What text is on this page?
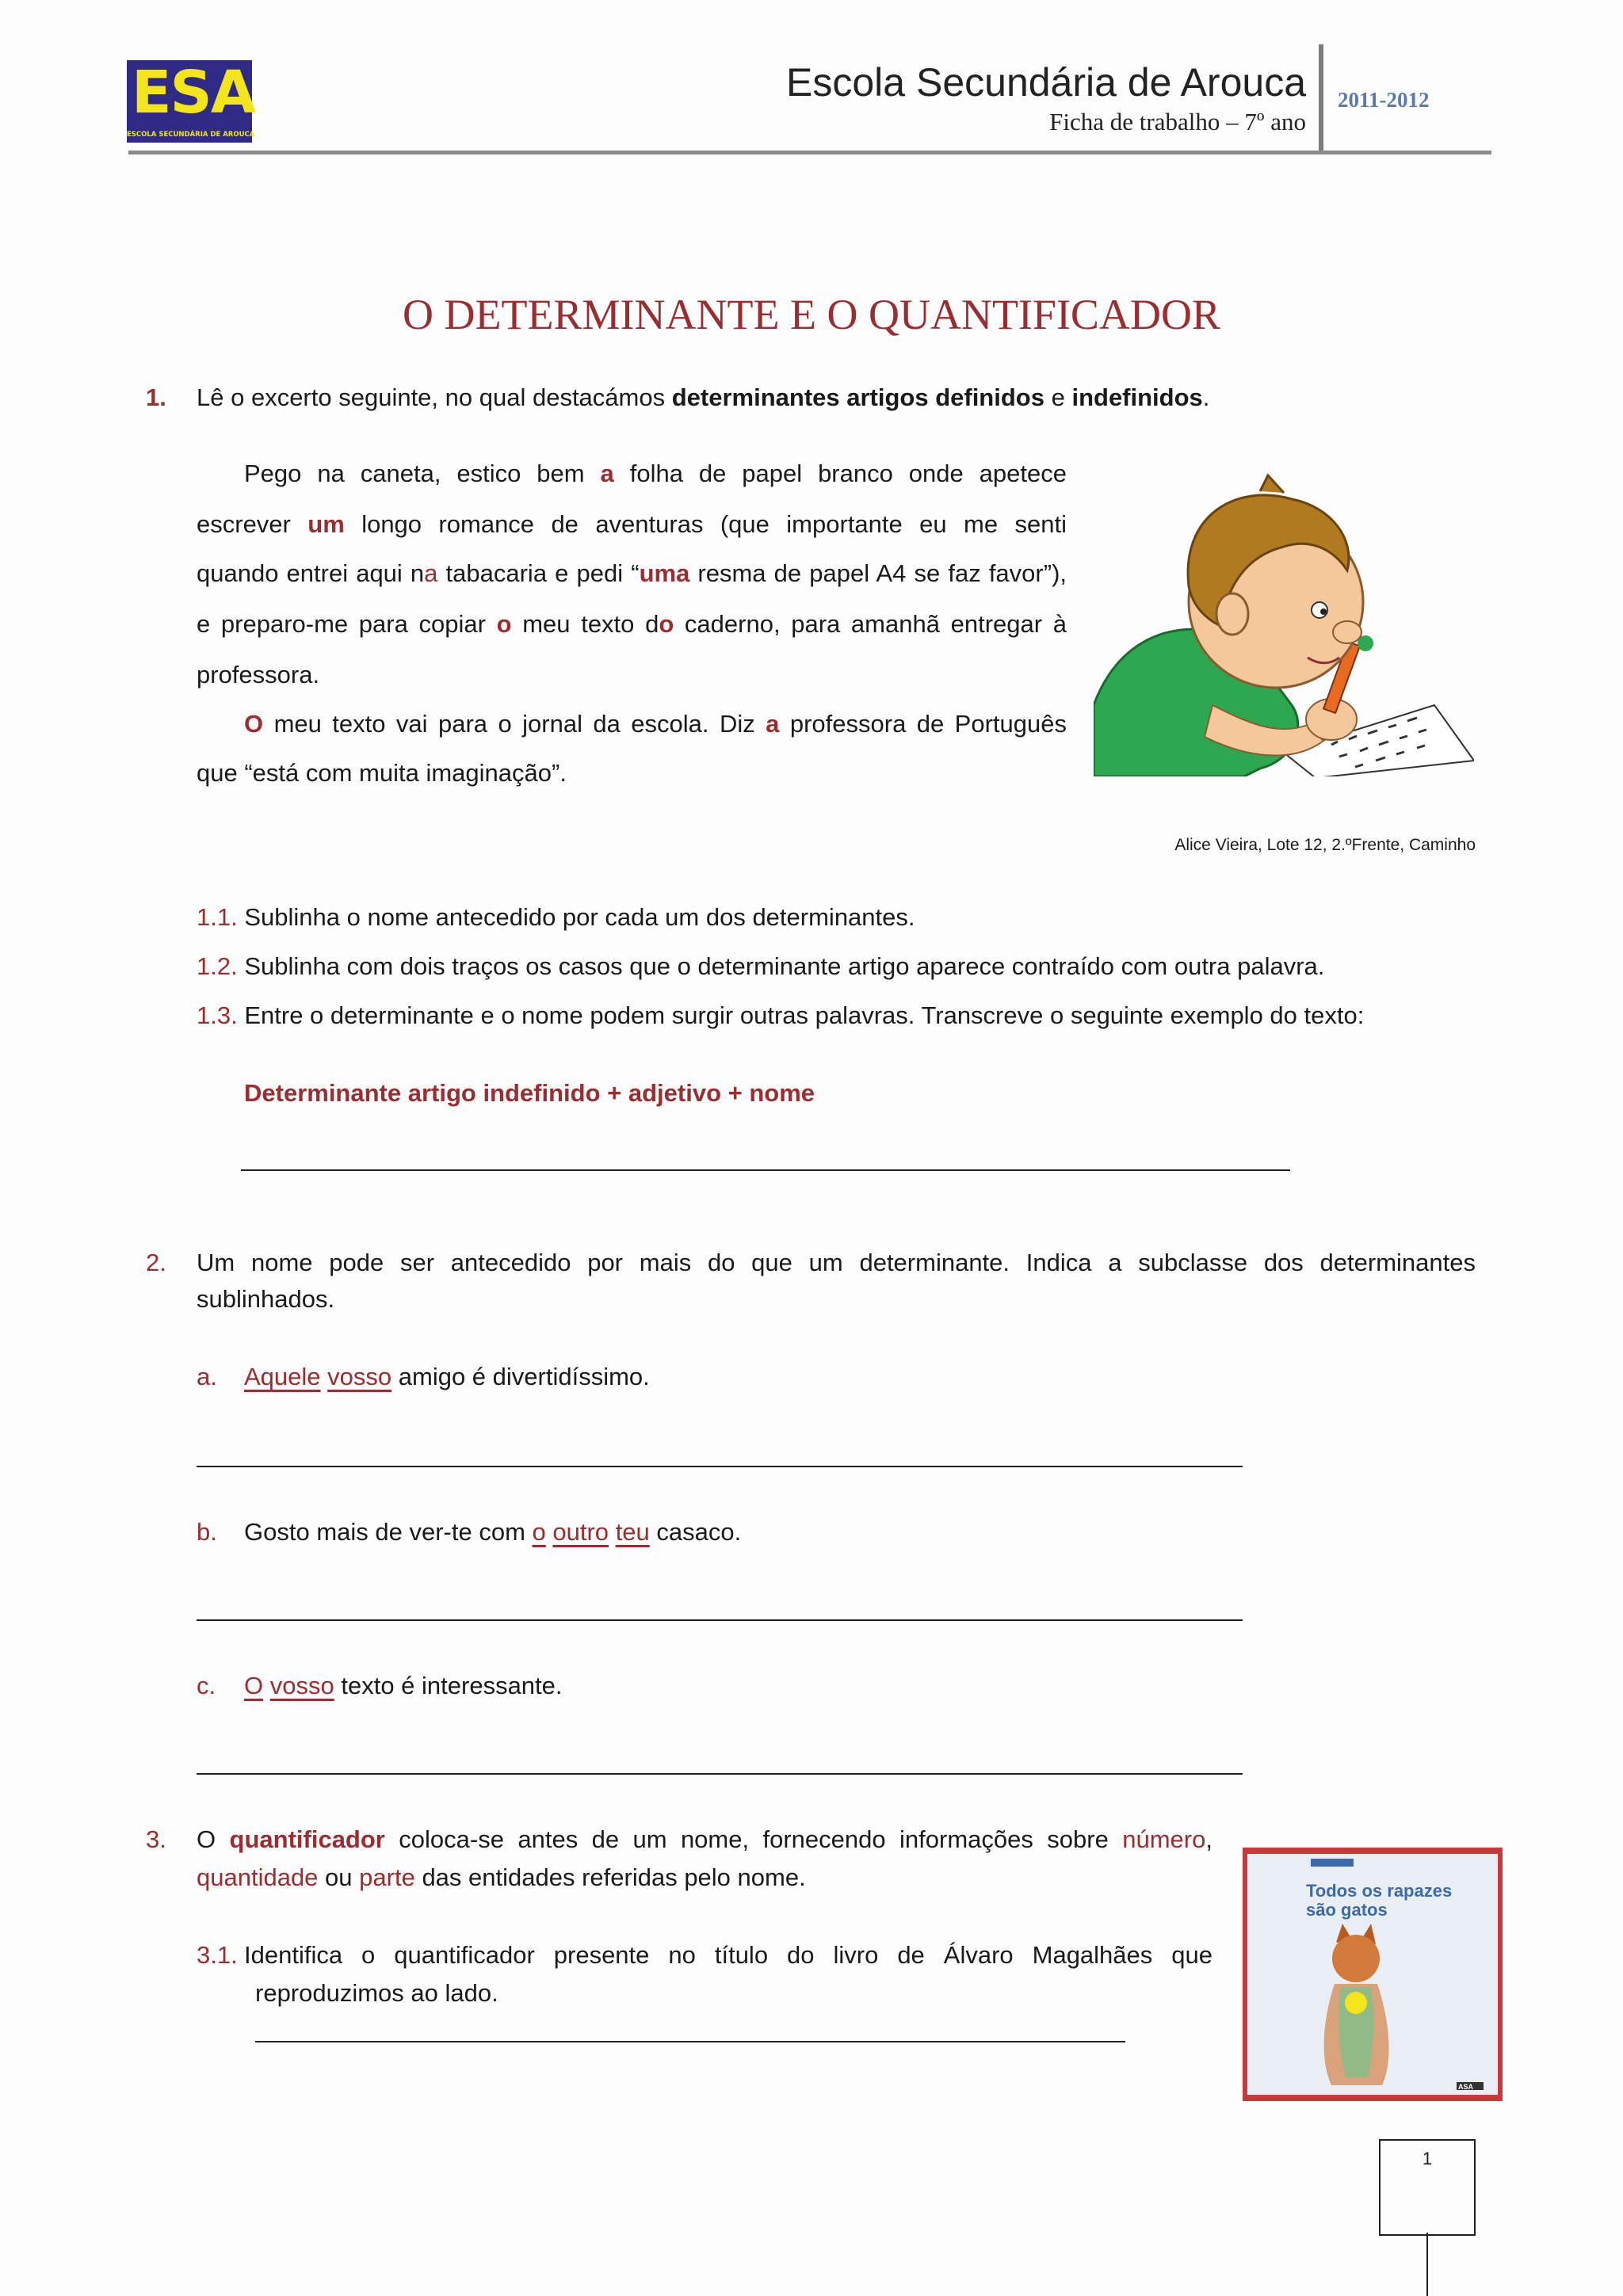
ESA
ESCOLA SECUNDÁRIA DE AROUCA
Escola Secundária de Arouca
Ficha de trabalho – 7º ano
2011-2012
O DETERMINANTE E O QUANTIFICADOR
1. Lê o excerto seguinte, no qual destacámos determinantes artigos definidos e indefinidos.
Pego na caneta, estico bem a folha de papel branco onde apetece
escrever um longo romance de aventuras (que importante eu me senti
quando entrei aqui na tabacaria e pedi “uma resma de papel A4 se faz favor”),
e preparo-me para copiar o meu texto do caderno, para amanhã entregar à
professora.
O meu texto vai para o jornal da escola. Diz a professora de Português
que “está com muita imaginação”.
Alice Vieira, Lote 12, 2.ºFrente, Caminho
1.1. Sublinha o nome antecedido por cada um dos determinantes.
1.2. Sublinha com dois traços os casos que o determinante artigo aparece contraído com outra palavra.
1.3. Entre o determinante e o nome podem surgir outras palavras. Transcreve o seguinte exemplo do texto:
Determinante artigo indefinido + adjetivo + nome
2. Um nome pode ser antecedido por mais do que um determinante. Indica a subclasse dos determinantes
sublinhados.
a. Aquele vosso amigo é divertidíssimo.
b. Gosto mais de ver-te com o outro teu casaco.
c. O vosso texto é interessante.
3. O quantificador coloca-se antes de um nome, fornecendo informações sobre número,
quantidade ou parte das entidades referidas pelo nome.
3.1. Identifica o quantificador presente no título do livro de Álvaro Magalhães que
reproduzimos ao lado.
Todos os rapazes
são gatos
ASA
1
